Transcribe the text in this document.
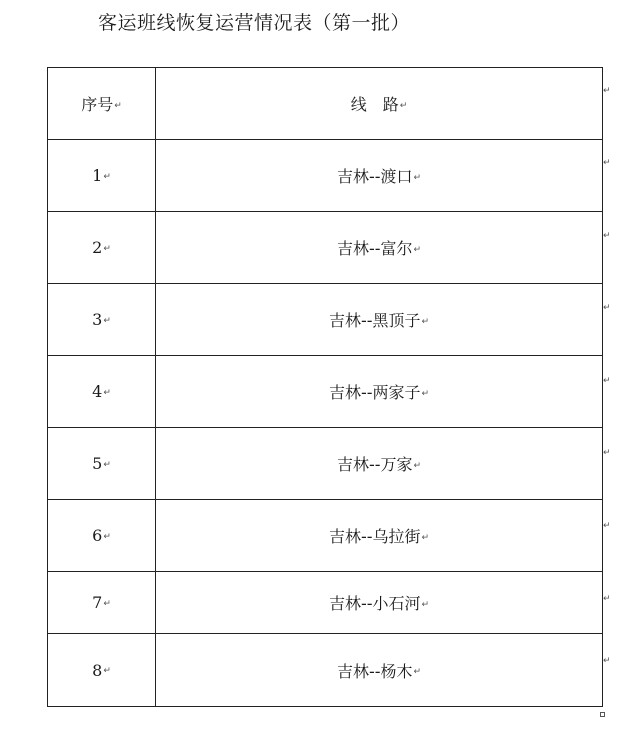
客运班线恢复运营情况表（第一批）
序号↵	线　路↵
1↵	吉林--渡口↵
2↵	吉林--富尔↵
3↵	吉林--黑顶子↵
4↵	吉林--两家子↵
5↵	吉林--万家↵
6↵	吉林--乌拉街↵
7↵	吉林--小石河↵
8↵	吉林--杨木↵
↵
↵
↵
↵
↵
↵
↵
↵
↵
